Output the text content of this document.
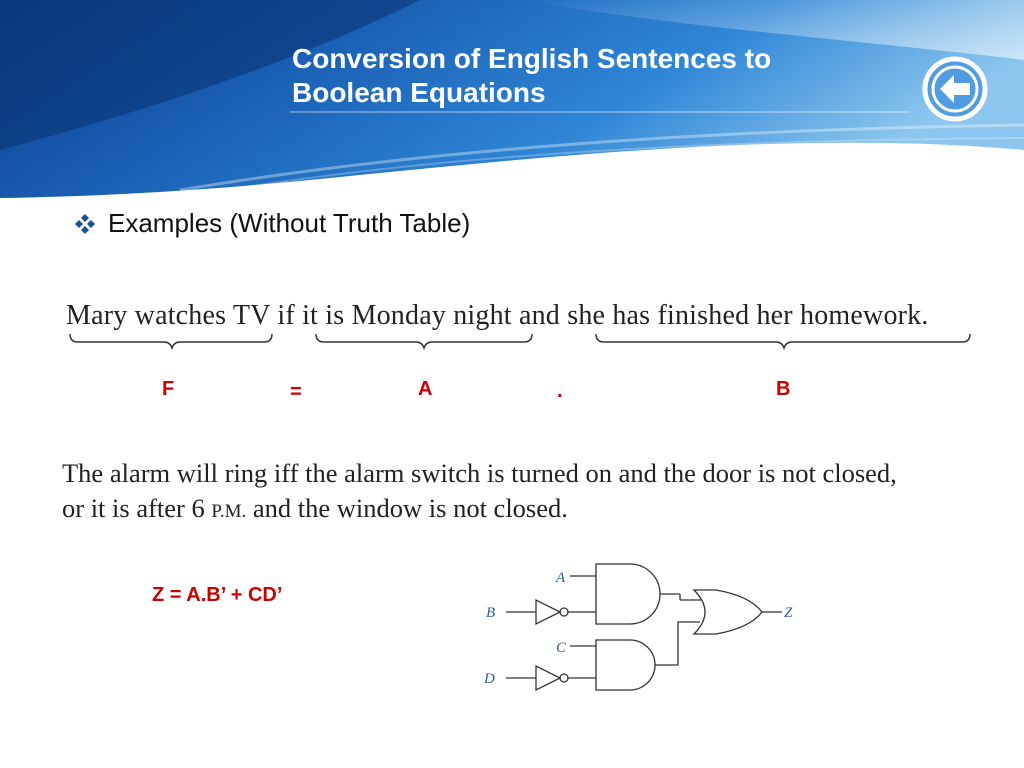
Conversion of English Sentences to
Boolean Equations
Examples (Without Truth Table)
Mary watches TV if it is Monday night and she has finished her homework.
F	=	A	.	B
The alarm will ring iff the alarm switch is turned on and the door is not closed,
or it is after 6 P.M. and the window is not closed.
Z = A.B’ + CD’
A
B
C
D
Z
